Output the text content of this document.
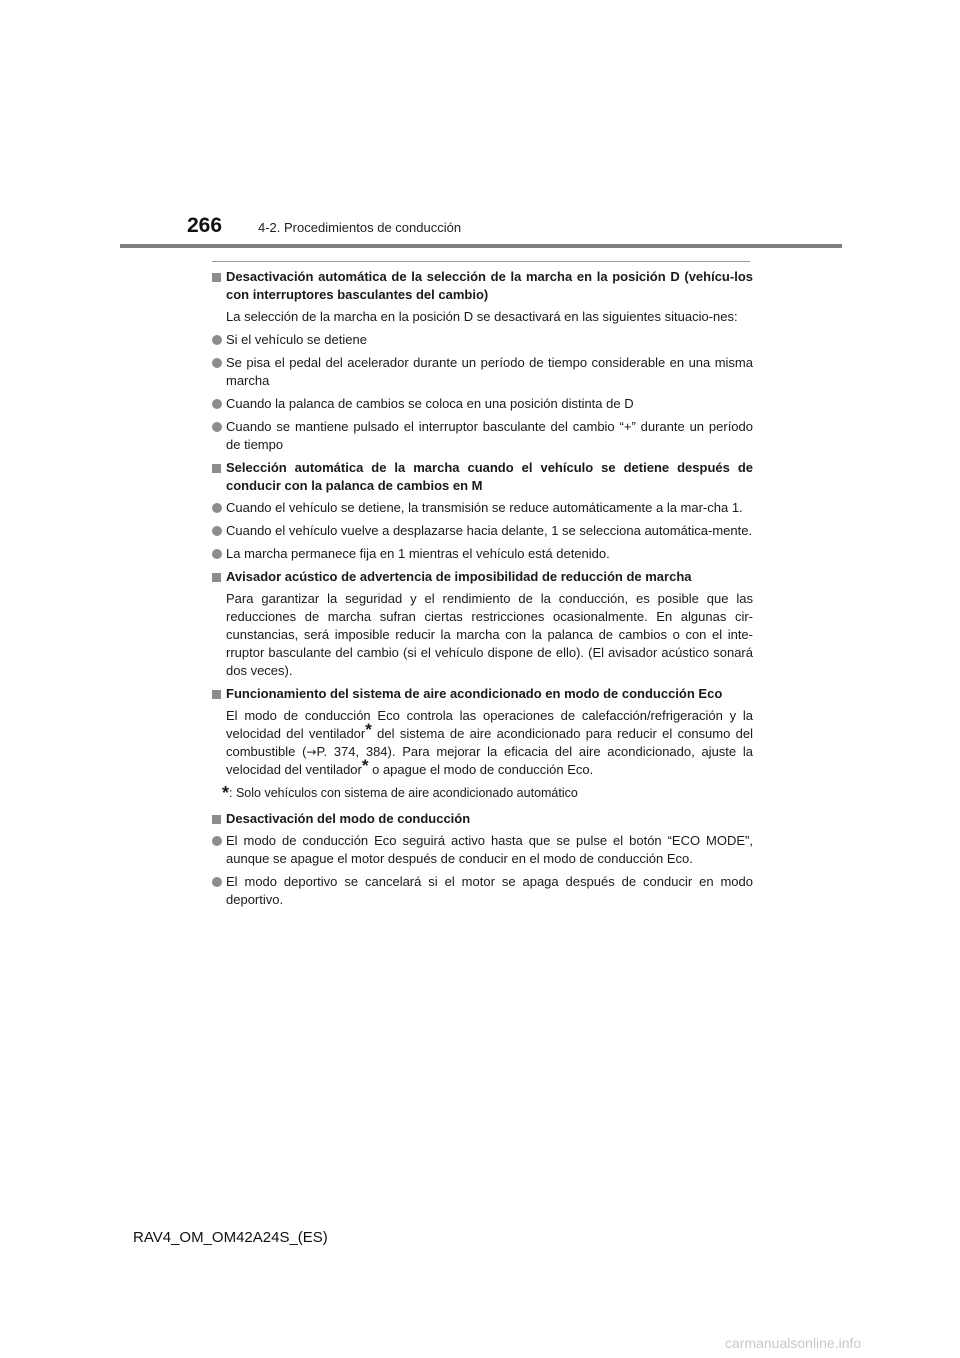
266	4-2. Procedimientos de conducción
Desactivación automática de la selección de la marcha en la posición D (vehícu-los con interruptores basculantes del cambio)
La selección de la marcha en la posición D se desactivará en las siguientes situacio-nes:
Si el vehículo se detiene
Se pisa el pedal del acelerador durante un período de tiempo considerable en una misma marcha
Cuando la palanca de cambios se coloca en una posición distinta de D
Cuando se mantiene pulsado el interruptor basculante del cambio “+” durante un período de tiempo
Selección automática de la marcha cuando el vehículo se detiene después de conducir con la palanca de cambios en M
Cuando el vehículo se detiene, la transmisión se reduce automáticamente a la mar-cha 1.
Cuando el vehículo vuelve a desplazarse hacia delante, 1 se selecciona automática-mente.
La marcha permanece fija en 1 mientras el vehículo está detenido.
Avisador acústico de advertencia de imposibilidad de reducción de marcha
Para garantizar la seguridad y el rendimiento de la conducción, es posible que las reducciones de marcha sufran ciertas restricciones ocasionalmente. En algunas cir-cunstancias, será imposible reducir la marcha con la palanca de cambios o con el inte-rruptor basculante del cambio (si el vehículo dispone de ello). (El avisador acústico sonará dos veces).
Funcionamiento del sistema de aire acondicionado en modo de conducción Eco
El modo de conducción Eco controla las operaciones de calefacción/refrigeración y la velocidad del ventilador* del sistema de aire acondicionado para reducir el consumo del combustible (→P. 374, 384). Para mejorar la eficacia del aire acondicionado, ajuste la velocidad del ventilador* o apague el modo de conducción Eco.
*: Solo vehículos con sistema de aire acondicionado automático
Desactivación del modo de conducción
El modo de conducción Eco seguirá activo hasta que se pulse el botón “ECO MODE”, aunque se apague el motor después de conducir en el modo de conducción Eco.
El modo deportivo se cancelará si el motor se apaga después de conducir en modo deportivo.
RAV4_OM_OM42A24S_(ES)
carmanualsonline.info
